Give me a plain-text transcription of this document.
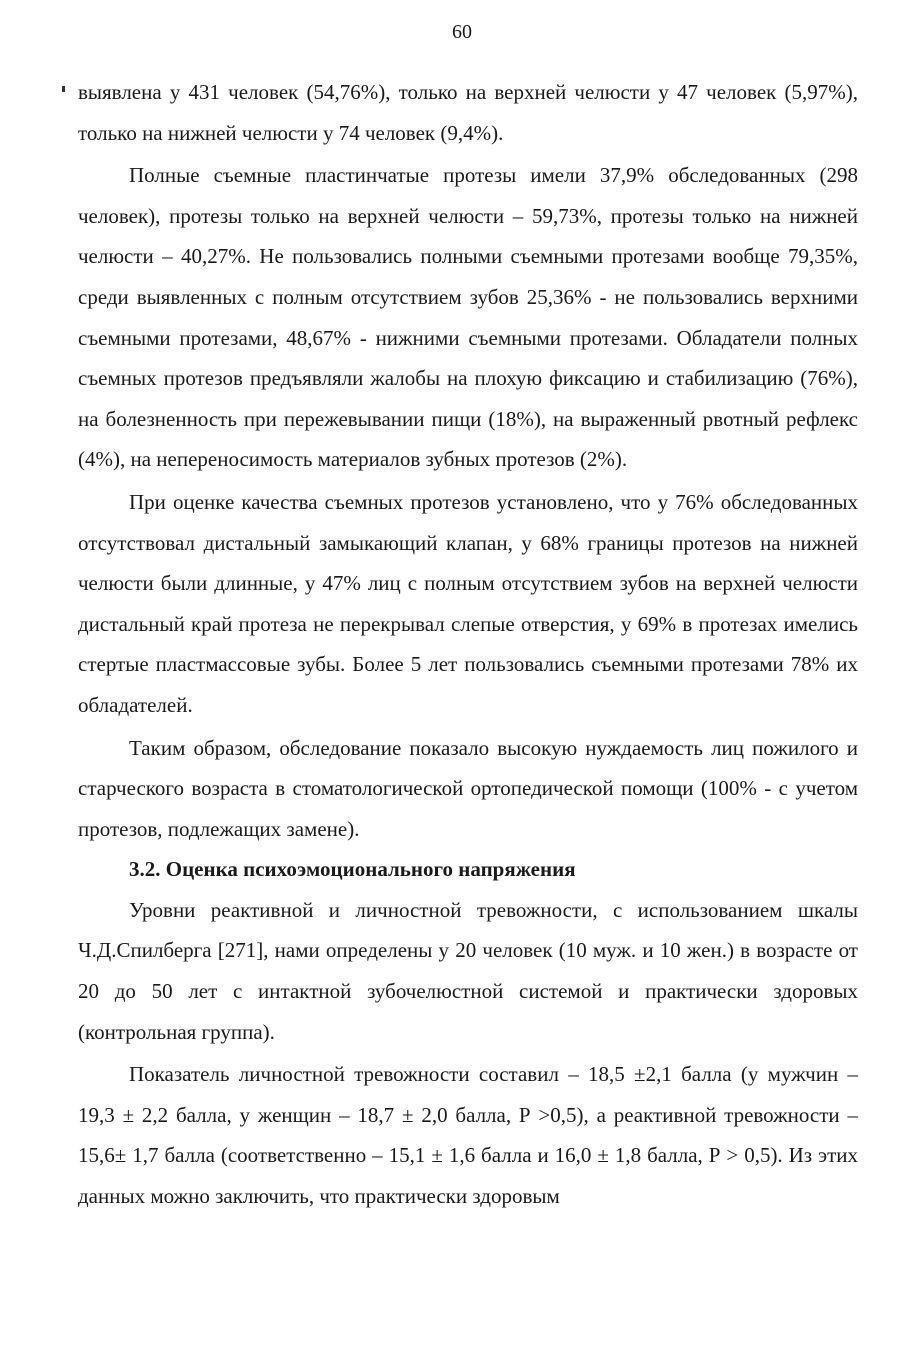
60

выявлена у 431 человек (54,76%), только на верхней челюсти у 47 человек (5,97%), только на нижней челюсти у 74 человек (9,4%).

Полные съемные пластинчатые протезы имели 37,9% обследованных (298 человек), протезы только на верхней челюсти – 59,73%, протезы только на нижней челюсти – 40,27%. Не пользовались полными съемными протезами вообще 79,35%, среди выявленных с полным отсутствием зубов 25,36% - не пользовались верхними съемными протезами, 48,67% - нижними съемными протезами. Обладатели полных съемных протезов предъявляли жалобы на плохую фиксацию и стабилизацию (76%), на болезненность при пережевывании пищи (18%), на выраженный рвотный рефлекс (4%), на непереносимость материалов зубных протезов (2%).

При оценке качества съемных протезов установлено, что у 76% обследованных отсутствовал дистальный замыкающий клапан, у 68% границы протезов на нижней челюсти были длинные, у 47% лиц с полным отсутствием зубов на верхней челюсти дистальный край протеза не перекрывал слепые отверстия, у 69% в протезах имелись стертые пластмассовые зубы. Более 5 лет пользовались съемными протезами 78% их обладателей.

Таким образом, обследование показало высокую нуждаемость лиц пожилого и старческого возраста в стоматологической ортопедической помощи (100% - с учетом протезов, подлежащих замене).

3.2. Оценка психоэмоционального напряжения

Уровни реактивной и личностной тревожности, с использованием шкалы Ч.Д.Спилберга [271], нами определены у 20 человек (10 муж. и 10 жен.) в возрасте от 20 до 50 лет с интактной зубочелюстной системой и практически здоровых (контрольная группа).

Показатель личностной тревожности составил – 18,5 ±2,1 балла (у мужчин – 19,3 ± 2,2 балла, у женщин – 18,7 ± 2,0 балла, Р >0,5), а реактивной тревожности – 15,6± 1,7 балла (соответственно – 15,1 ± 1,6 балла и 16,0 ± 1,8 балла, Р > 0,5). Из этих данных можно заключить, что практически здоровым
